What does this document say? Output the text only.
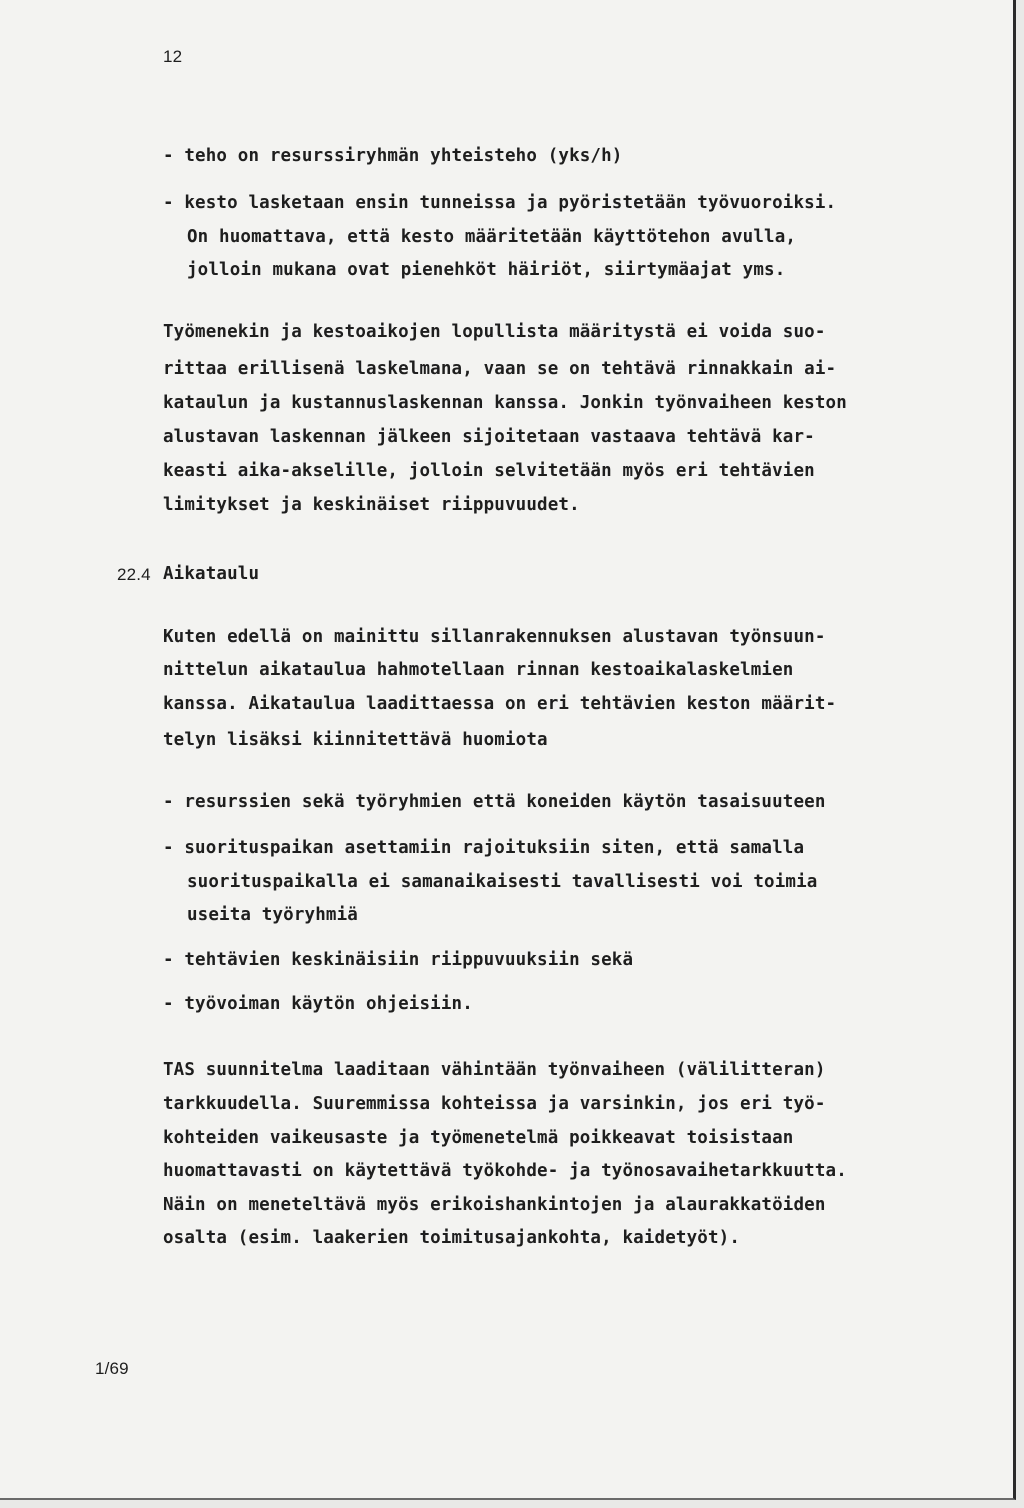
12
- teho on resurssiryhmän yhteisteho (yks/h)
- kesto lasketaan ensin tunneissa ja pyöristetään työvuoroiksi.
On huomattava, että kesto määritetään käyttötehon avulla,
jolloin mukana ovat pienehköt häiriöt, siirtymäajat yms.
Työmenekin ja kestoaikojen lopullista määritystä ei voida suo-
rittaa erillisenä laskelmana, vaan se on tehtävä rinnakkain ai-
kataulun ja kustannuslaskennan kanssa. Jonkin työnvaiheen keston
alustavan laskennan jälkeen sijoitetaan vastaava tehtävä kar-
keasti aika-akselille, jolloin selvitetään myös eri tehtävien
limitykset ja keskinäiset riippuvuudet.
22.4 Aikataulu
Kuten edellä on mainittu sillanrakennuksen alustavan työnsuun-
nittelun aikataulua hahmotellaan rinnan kestoaikalaskelmien
kanssa. Aikataulua laadittaessa on eri tehtävien keston määrit-
telyn lisäksi kiinnitettävä huomiota
- resurssien sekä työryhmien että koneiden käytön tasaisuuteen
- suorituspaikan asettamiin rajoituksiin siten, että samalla
suorituspaikalla ei samanaikaisesti tavallisesti voi toimia
useita työryhmiä
- tehtävien keskinäisiin riippuvuuksiin sekä
- työvoiman käytön ohjeisiin.
TAS suunnitelma laaditaan vähintään työnvaiheen (välilitteran)
tarkkuudella. Suuremmissa kohteissa ja varsinkin, jos eri työ-
kohteiden vaikeusaste ja työmenetelmä poikkeavat toisistaan
huomattavasti on käytettävä työkohde- ja työnosavaihetarkkuutta.
Näin on meneteltävä myös erikoishankintojen ja alaurakkatöiden
osalta (esim. laakerien toimitusajankohta, kaidetyöt).
1/69
